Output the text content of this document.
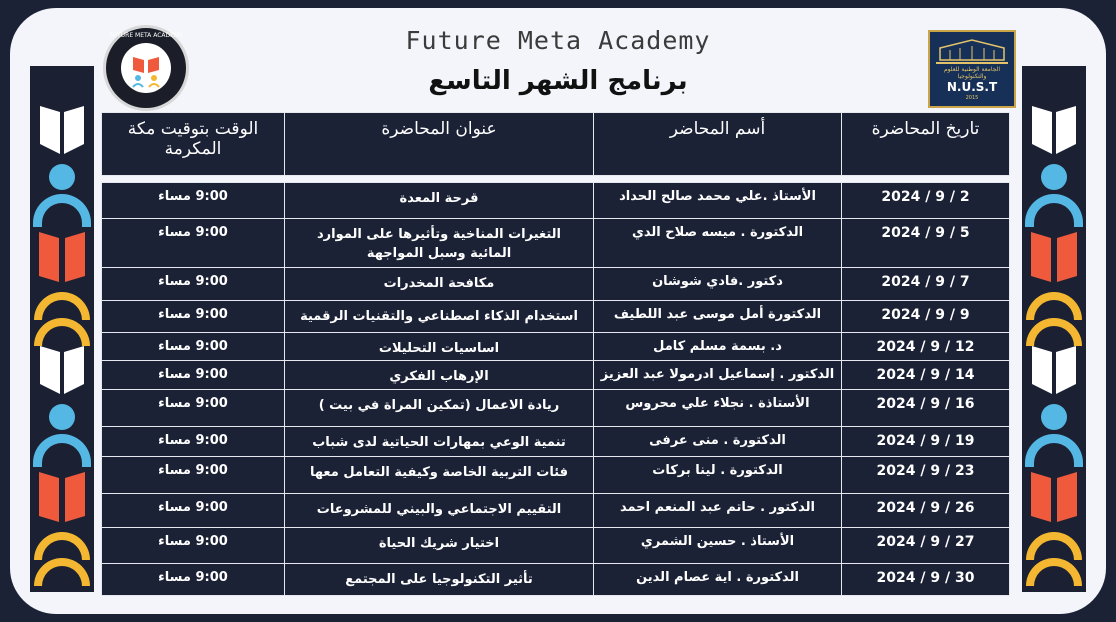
FUTURE META ACADEMY
الجامعة الوطنية للعلوم والتكنولوجيا
N.U.S.T
2015
Future Meta Academy
برنامج الشهر التاسع
الوقت بتوقيت مكة المكرمة	عنوان المحاضرة	أسم المحاضر	تاريخ المحاضرة

9:00 مساء	قرحة المعدة	الأستاذ .علي محمد صالح الحداد	2024 / 9 / 2
9:00 مساء	التغيرات المناخية وتأثيرها على الموارد المائية وسبل المواجهة	الدكتورة . ميسه صلاح الدي	2024 / 9 / 5
9:00 مساء	مكافحة المخدرات	دكتور .فادي شوشان	2024 / 9 / 7
9:00 مساء	استخدام الذكاء اصطناعي والتقنيات الرقمية	الدكتورة أمل موسى عبد اللطيف	2024 / 9 / 9
9:00 مساء	اساسيات التحليلات	د. بسمة مسلم كامل	2024 / 9 / 12
9:00 مساء	الإرهاب الفكري	الدكتور . إسماعيل ادرمولا عبد العزيز	2024 / 9 / 14
9:00 مساء	ريادة الاعمال (تمكين المراة في بيت )	الأستاذة . نجلاء علي محروس	2024 / 9 / 16
9:00 مساء	تنمية الوعي بمهارات الحياتية لدى شباب	الدكتورة . منى عرفى	2024 / 9 / 19
9:00 مساء	فئات التربية الخاصة وكيفية التعامل معها	الدكتورة . لينا بركات	2024 / 9 / 23
9:00 مساء	التقييم الاجتماعي والبيني للمشروعات	الدكتور . حاتم عبد المنعم احمد	2024 / 9 / 26
9:00 مساء	اختيار شريك الحياة	الأستاذ . حسين الشمري	2024 / 9 / 27
9:00 مساء	تأثير التكنولوجيا على المجتمع	الدكتورة . اية عصام الدين	2024 / 9 / 30
